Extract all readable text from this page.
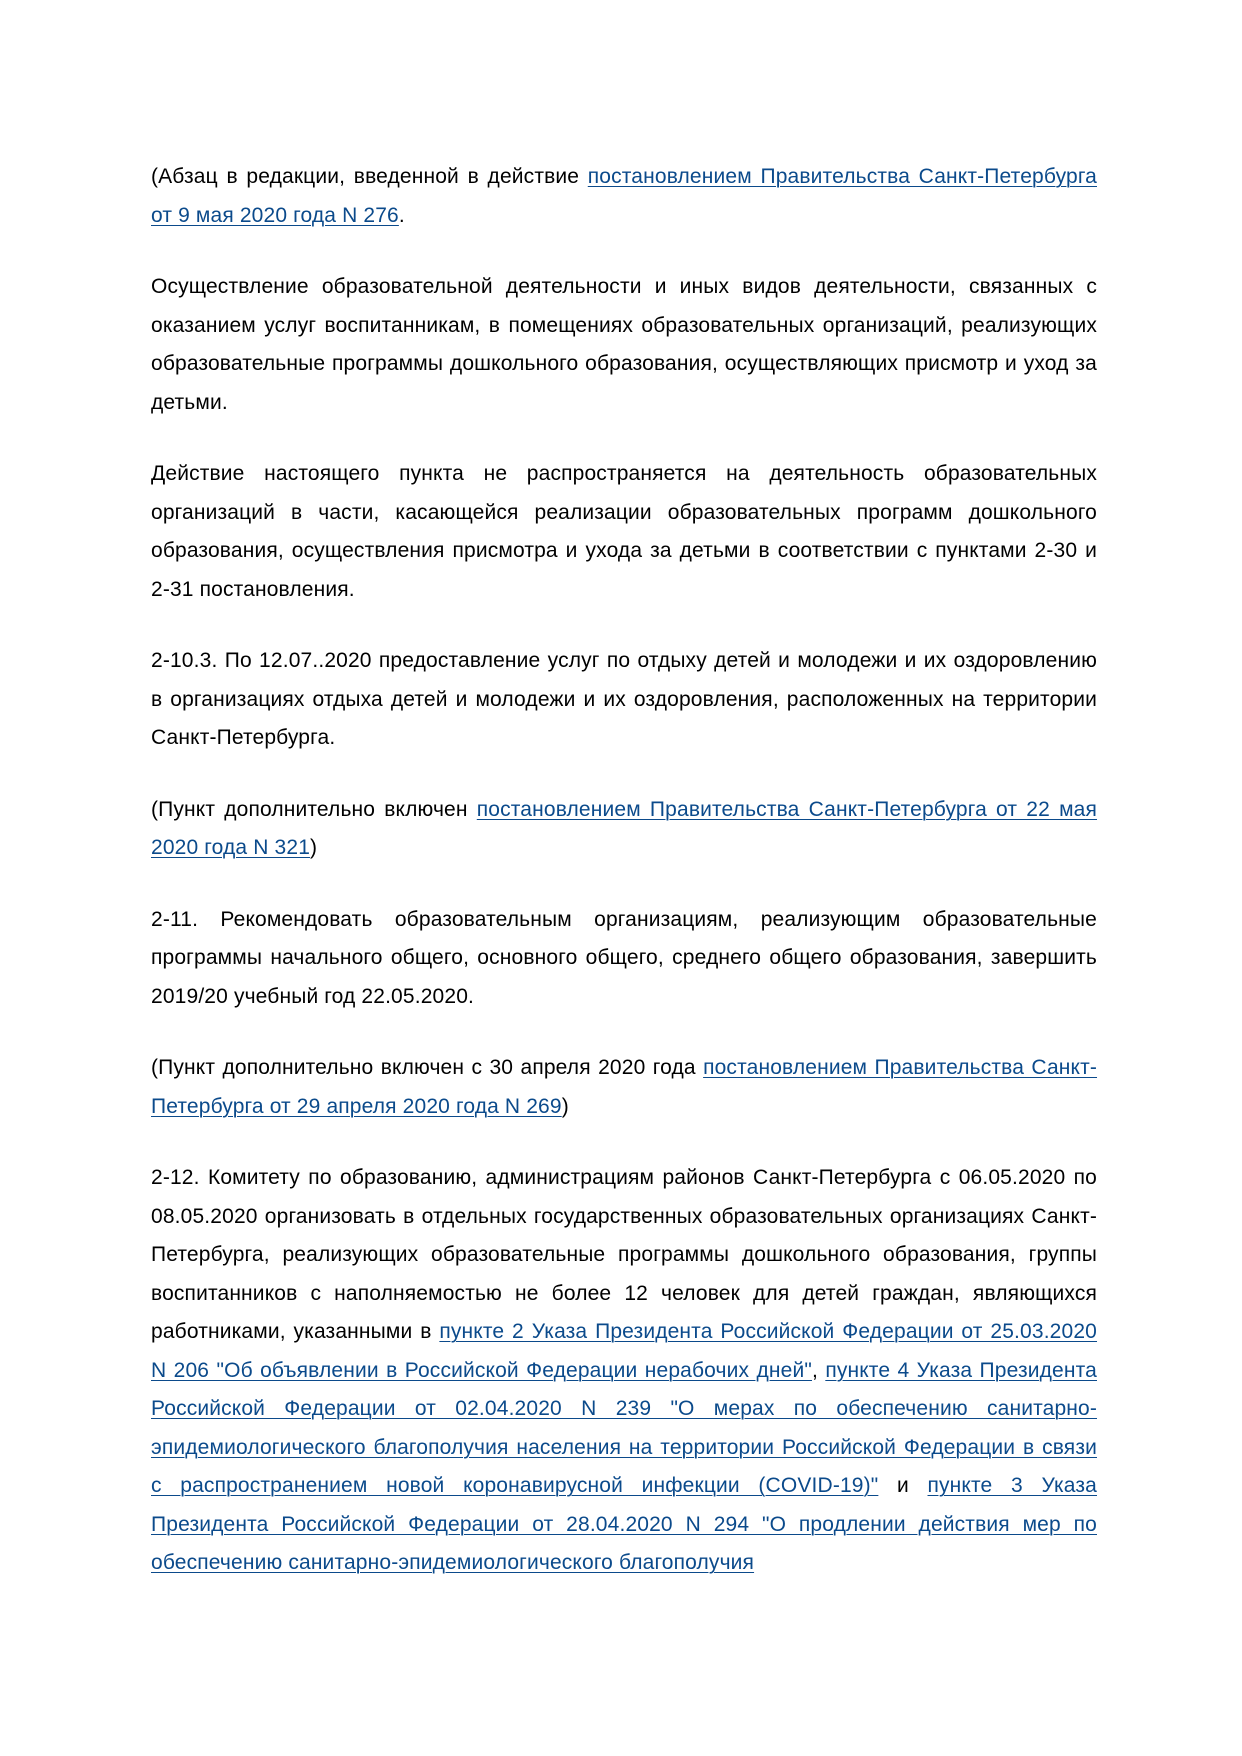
(Абзац в редакции, введенной в действие постановлением Правительства Санкт-Петербурга от 9 мая 2020 года N 276.

Осуществление образовательной деятельности и иных видов деятельности, связанных с оказанием услуг воспитанникам, в помещениях образовательных организаций, реализующих образовательные программы дошкольного образования, осуществляющих присмотр и уход за детьми.

Действие настоящего пункта не распространяется на деятельность образовательных организаций в части, касающейся реализации образовательных программ дошкольного образования, осуществления присмотра и ухода за детьми в соответствии с пунктами 2-30 и 2-31 постановления.

2-10.3. По 12.07..2020 предоставление услуг по отдыху детей и молодежи и их оздоровлению в организациях отдыха детей и молодежи и их оздоровления, расположенных на территории Санкт-Петербурга.

(Пункт дополнительно включен постановлением Правительства Санкт-Петербурга от 22 мая 2020 года N 321)

2-11. Рекомендовать образовательным организациям, реализующим образовательные программы начального общего, основного общего, среднего общего образования, завершить 2019/20 учебный год 22.05.2020.

(Пункт дополнительно включен с 30 апреля 2020 года постановлением Правительства Санкт-Петербурга от 29 апреля 2020 года N 269)

2-12. Комитету по образованию, администрациям районов Санкт-Петербурга с 06.05.2020 по 08.05.2020 организовать в отдельных государственных образовательных организациях Санкт-Петербурга, реализующих образовательные программы дошкольного образования, группы воспитанников с наполняемостью не более 12 человек для детей граждан, являющихся работниками, указанными в пункте 2 Указа Президента Российской Федерации от 25.03.2020 N 206 "Об объявлении в Российской Федерации нерабочих дней", пункте 4 Указа Президента Российской Федерации от 02.04.2020 N 239 "О мерах по обеспечению санитарно-эпидемиологического благополучия населения на территории Российской Федерации в связи с распространением новой коронавирусной инфекции (COVID-19)" и пункте 3 Указа Президента Российской Федерации от 28.04.2020 N 294 "О продлении действия мер по обеспечению санитарно-эпидемиологического благополучия
